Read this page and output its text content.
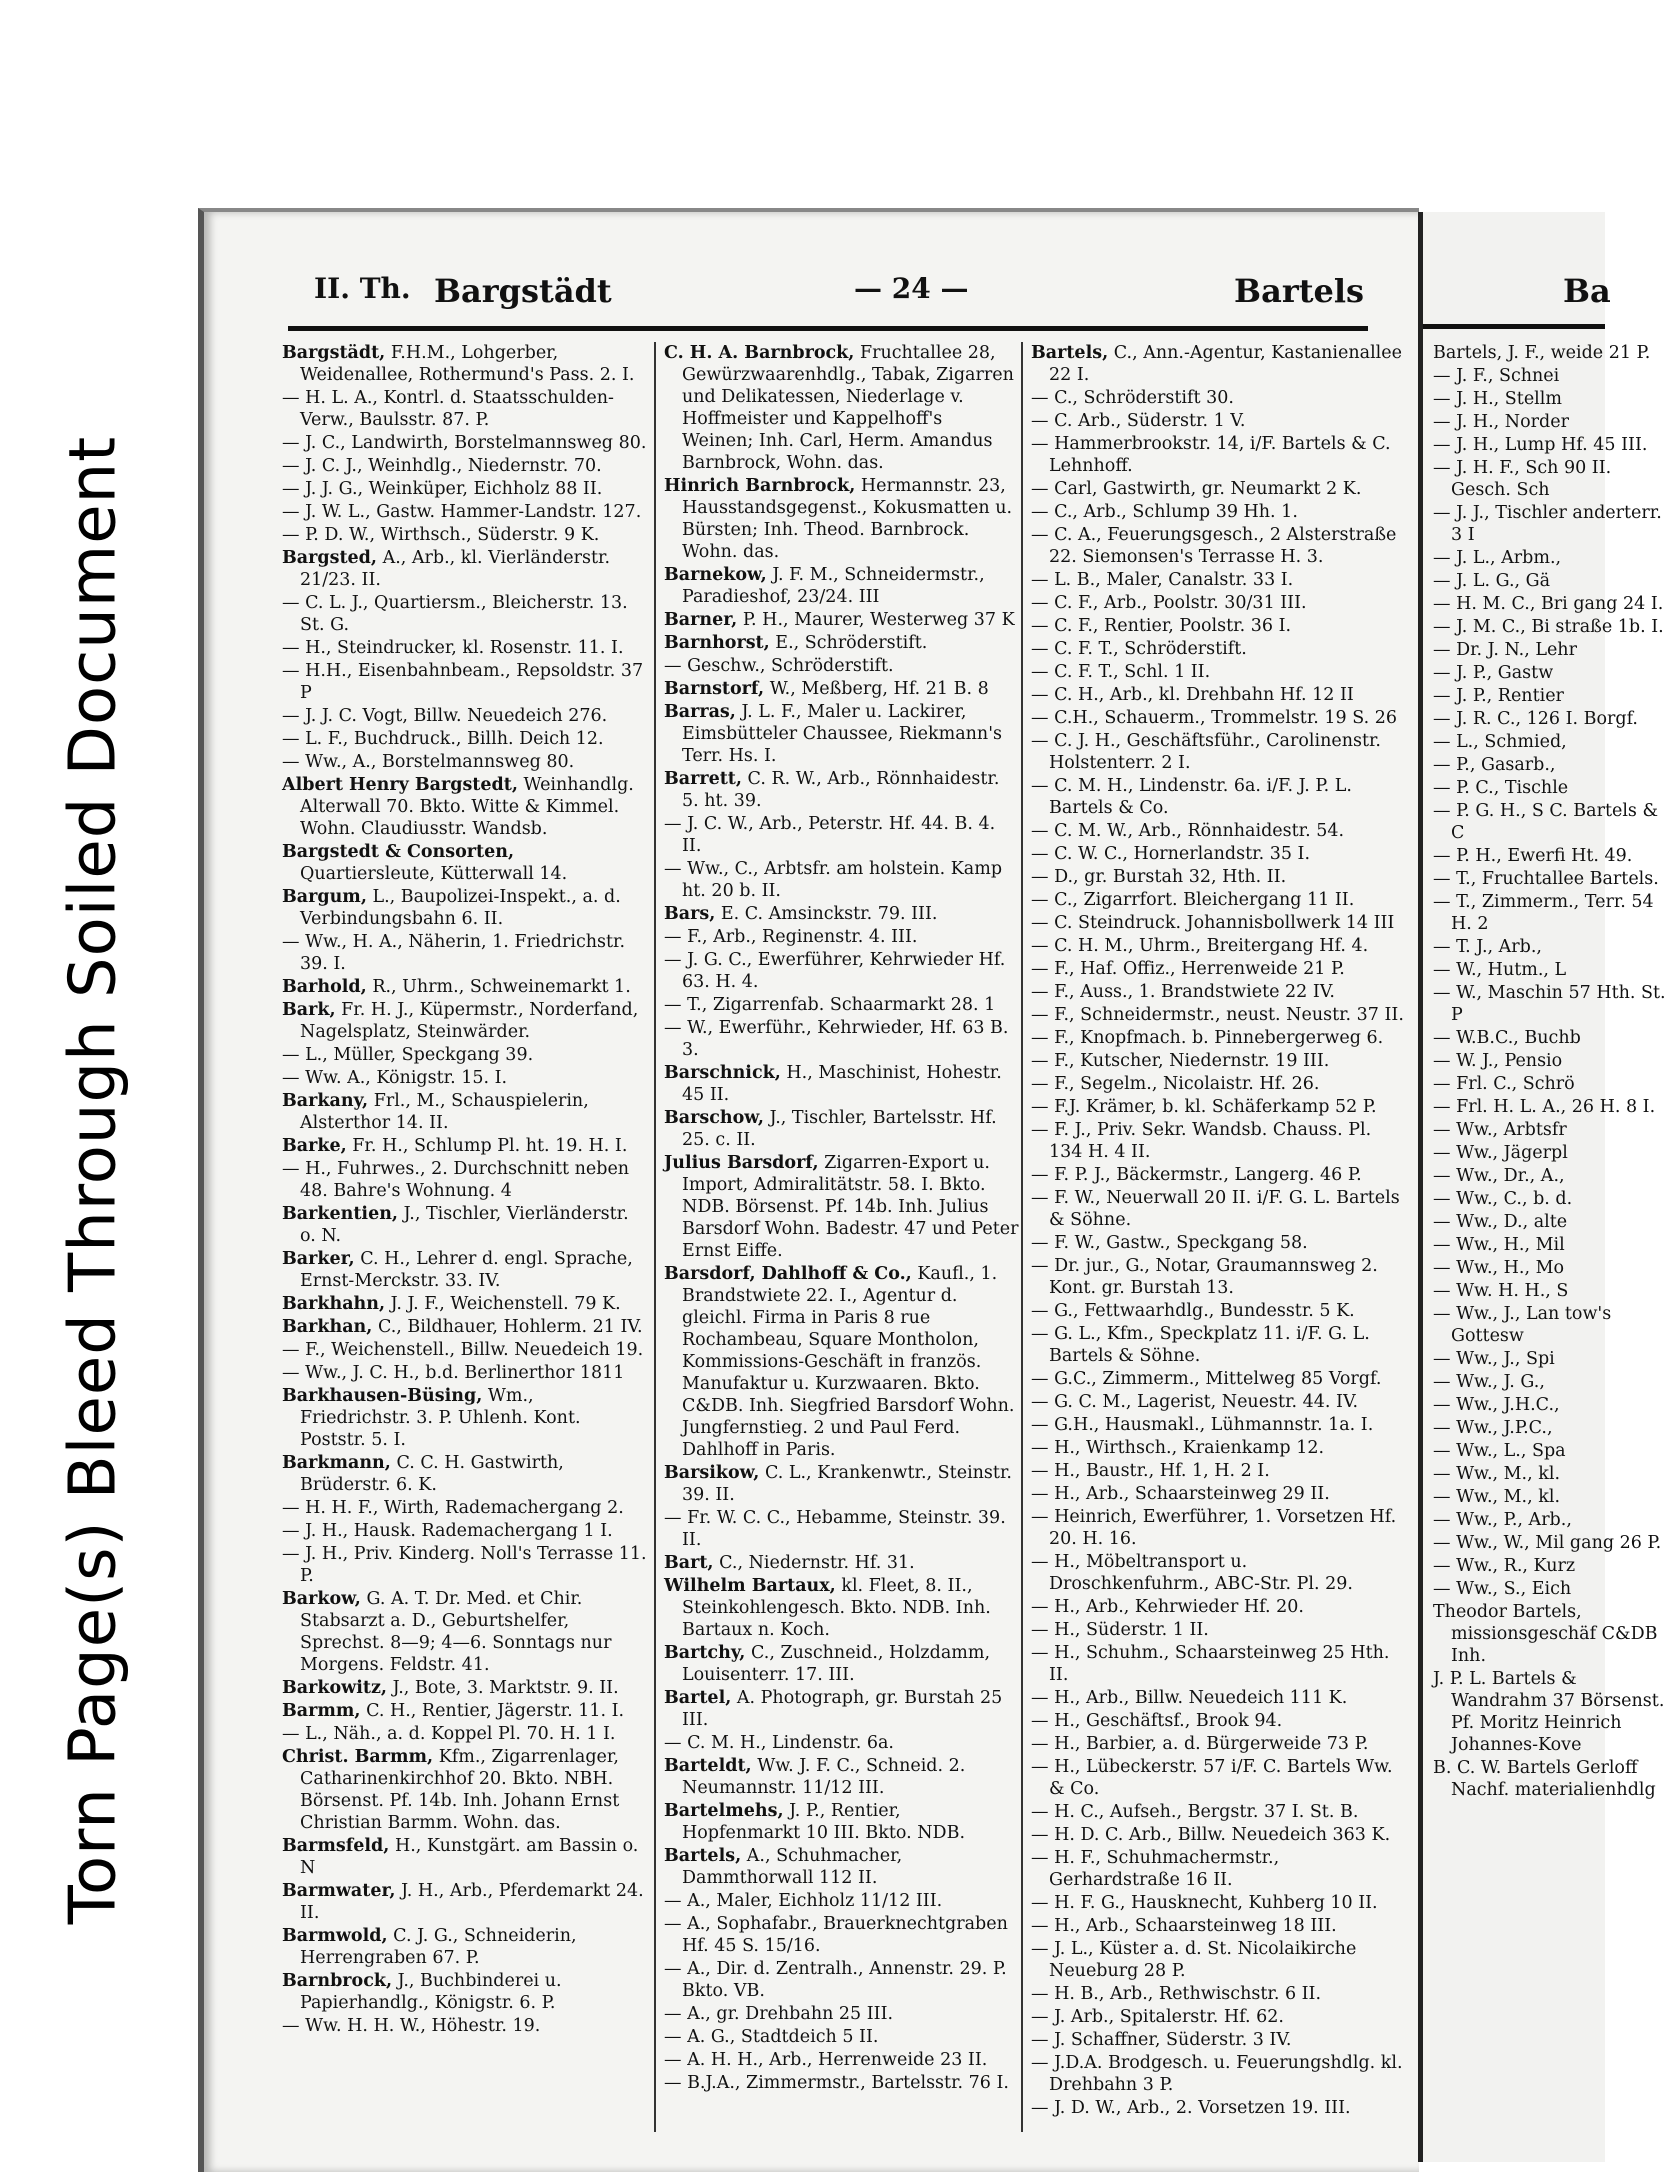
Torn Page(s) Bleed Through Soiled Document
II. Th. Bargstädt	— 24 —	Bartels
Bargstädt, F.H.M., Lohgerber, Weidenallee, Rothermund's Pass. 2. I.
— H. L. A., Kontrl. d. Staatsschulden-Verw., Baulsstr. 87. P.
— J. C., Landwirth, Borstelmannsweg 80.
— J. C. J., Weinhdlg., Niedernstr. 70.
— J. J. G., Weinküper, Eichholz 88 II.
— J. W. L., Gastw. Hammer-Landstr. 127.
— P. D. W., Wirthsch., Süderstr. 9 K.
Bargsted, A., Arb., kl. Vierländerstr. 21/23. II.
— C. L. J., Quartiersm., Bleicherstr. 13. St. G.
— H., Steindrucker, kl. Rosenstr. 11. I.
— H.H., Eisenbahnbeam., Repsoldstr. 37 P
— J. J. C. Vogt, Billw. Neuedeich 276.
— L. F., Buchdruck., Billh. Deich 12.
— Ww., A., Borstelmannsweg 80.
Albert Henry Bargstedt, Weinhandlg. Alterwall 70. Bkto. Witte & Kimmel. Wohn. Claudiusstr. Wandsb.
Bargstedt & Consorten, Quartiersleute, Kütterwall 14.
Bargum, L., Baupolizei-Inspekt., a. d. Verbindungsbahn 6. II.
— Ww., H. A., Näherin, 1. Friedrichstr. 39. I.
Barhold, R., Uhrm., Schweinemarkt 1.
Bark, Fr. H. J., Küpermstr., Norderfand, Nagelsplatz, Steinwärder.
— L., Müller, Speckgang 39.
— Ww. A., Königstr. 15. I.
Barkany, Frl., M., Schauspielerin, Alsterthor 14. II.
Barke, Fr. H., Schlump Pl. ht. 19. H. I.
— H., Fuhrwes., 2. Durchschnitt neben 48. Bahre's Wohnung. 4
Barkentien, J., Tischler, Vierländerstr. o. N.
Barker, C. H., Lehrer d. engl. Sprache, Ernst-Merckstr. 33. IV.
Barkhahn, J. J. F., Weichenstell. 79 K.
Barkhan, C., Bildhauer, Hohlerm. 21 IV.
— F., Weichenstell., Billw. Neuedeich 19.
— Ww., J. C. H., b.d. Berlinerthor 1811
Barkhausen-Büsing, Wm., Friedrichstr. 3. P. Uhlenh. Kont. Poststr. 5. I.
Barkmann, C. C. H. Gastwirth, Brüderstr. 6. K.
— H. H. F., Wirth, Rademachergang 2.
— J. H., Hausk. Rademachergang 1 I.
— J. H., Priv. Kinderg. Noll's Terrasse 11. P.
Barkow, G. A. T. Dr. Med. et Chir. Stabsarzt a. D., Geburtshelfer, Sprechst. 8—9; 4—6. Sonntags nur Morgens. Feldstr. 41.
Barkowitz, J., Bote, 3. Marktstr. 9. II.
Barmm, C. H., Rentier, Jägerstr. 11. I.
— L., Näh., a. d. Koppel Pl. 70. H. 1 I.
Christ. Barmm, Kfm., Zigarrenlager, Catharinenkirchhof 20. Bkto. NBH. Börsenst. Pf. 14b. Inh. Johann Ernst Christian Barmm. Wohn. das.
Barmsfeld, H., Kunstgärt. am Bassin o. N
Barmwater, J. H., Arb., Pferdemarkt 24. II.
Barmwold, C. J. G., Schneiderin, Herrengraben 67. P.
Barnbrock, J., Buchbinderei u. Papierhandlg., Königstr. 6. P.
— Ww. H. H. W., Höhestr. 19.
C. H. A. Barnbrock, Fruchtallee 28, Gewürzwaarenhdlg., Tabak, Zigarren und Delikatessen, Niederlage v. Hoffmeister und Kappelhoff's Weinen; Inh. Carl, Herm. Amandus Barnbrock, Wohn. das.
Hinrich Barnbrock, Hermannstr. 23, Hausstandsgegenst., Kokusmatten u. Bürsten; Inh. Theod. Barnbrock. Wohn. das.
Barnekow, J. F. M., Schneidermstr., Paradieshof, 23/24. III
Barner, P. H., Maurer, Westerweg 37 K
Barnhorst, E., Schröderstift.
— Geschw., Schröderstift.
Barnstorf, W., Meßberg, Hf. 21 B. 8
Barras, J. L. F., Maler u. Lackirer, Eimsbütteler Chaussee, Riekmann's Terr. Hs. I.
Barrett, C. R. W., Arb., Rönnhaidestr. 5. ht. 39.
— J. C. W., Arb., Peterstr. Hf. 44. B. 4. II.
— Ww., C., Arbtsfr. am holstein. Kamp ht. 20 b. II.
Bars, E. C. Amsinckstr. 79. III.
— F., Arb., Reginenstr. 4. III.
— J. G. C., Ewerführer, Kehrwieder Hf. 63. H. 4.
— T., Zigarrenfab. Schaarmarkt 28. 1
— W., Ewerführ., Kehrwieder, Hf. 63 B. 3.
Barschnick, H., Maschinist, Hohestr. 45 II.
Barschow, J., Tischler, Bartelsstr. Hf. 25. c. II.
Julius Barsdorf, Zigarren-Export u. Import, Admiralitätstr. 58. I. Bkto. NDB. Börsenst. Pf. 14b. Inh. Julius Barsdorf Wohn. Badestr. 47 und Peter Ernst Eiffe.
Barsdorf, Dahlhoff & Co., Kaufl., 1. Brandstwiete 22. I., Agentur d. gleichl. Firma in Paris 8 rue Rochambeau, Square Montholon, Kommissions-Geschäft in französ. Manufaktur u. Kurzwaaren. Bkto. C&DB. Inh. Siegfried Barsdorf Wohn. Jungfernstieg. 2 und Paul Ferd. Dahlhoff in Paris.
Barsikow, C. L., Krankenwtr., Steinstr. 39. II.
— Fr. W. C. C., Hebamme, Steinstr. 39. II.
Bart, C., Niedernstr. Hf. 31.
Wilhelm Bartaux, kl. Fleet, 8. II., Steinkohlengesch. Bkto. NDB. Inh. Bartaux n. Koch.
Bartchy, C., Zuschneid., Holzdamm, Louisenterr. 17. III.
Bartel, A. Photograph, gr. Burstah 25 III.
— C. M. H., Lindenstr. 6a.
Barteldt, Ww. J. F. C., Schneid. 2. Neumannstr. 11/12 III.
Bartelmehs, J. P., Rentier, Hopfenmarkt 10 III. Bkto. NDB.
Bartels, A., Schuhmacher, Dammthorwall 112 II.
— A., Maler, Eichholz 11/12 III.
— A., Sophafabr., Brauerknechtgraben Hf. 45 S. 15/16.
— A., Dir. d. Zentralh., Annenstr. 29. P. Bkto. VB.
— A., gr. Drehbahn 25 III.
— A. G., Stadtdeich 5 II.
— A. H. H., Arb., Herrenweide 23 II.
— B.J.A., Zimmermstr., Bartelsstr. 76 I.
Bartels, C., Ann.-Agentur, Kastanienallee 22 I.
— C., Schröderstift 30.
— C. Arb., Süderstr. 1 V.
— Hammerbrookstr. 14, i/F. Bartels & C. Lehnhoff.
— Carl, Gastwirth, gr. Neumarkt 2 K.
— C., Arb., Schlump 39 Hh. 1.
— C. A., Feuerungsgesch., 2 Alsterstraße 22. Siemonsen's Terrasse H. 3.
— L. B., Maler, Canalstr. 33 I.
— C. F., Arb., Poolstr. 30/31 III.
— C. F., Rentier, Poolstr. 36 I.
— C. F. T., Schröderstift.
— C. F. T., Schl. 1 II.
— C. H., Arb., kl. Drehbahn Hf. 12 II
— C.H., Schauerm., Trommelstr. 19 S. 26
— C. J. H., Geschäftsführ., Carolinenstr. Holstenterr. 2 I.
— C. M. H., Lindenstr. 6a. i/F. J. P. L. Bartels & Co.
— C. M. W., Arb., Rönnhaidestr. 54.
— C. W. C., Hornerlandstr. 35 I.
— D., gr. Burstah 32, Hth. II.
— C., Zigarrfort. Bleichergang 11 II.
— C. Steindruck. Johannisbollwerk 14 III
— C. H. M., Uhrm., Breitergang Hf. 4.
— F., Haf. Offiz., Herrenweide 21 P.
— F., Auss., 1. Brandstwiete 22 IV.
— F., Schneidermstr., neust. Neustr. 37 II.
— F., Knopfmach. b. Pinnebergerweg 6.
— F., Kutscher, Niedernstr. 19 III.
— F., Segelm., Nicolaistr. Hf. 26.
— F.J. Krämer, b. kl. Schäferkamp 52 P.
— F. J., Priv. Sekr. Wandsb. Chauss. Pl. 134 H. 4 II.
— F. P. J., Bäckermstr., Langerg. 46 P.
— F. W., Neuerwall 20 II. i/F. G. L. Bartels & Söhne.
— F. W., Gastw., Speckgang 58.
— Dr. jur., G., Notar, Graumannsweg 2. Kont. gr. Burstah 13.
— G., Fettwaarhdlg., Bundesstr. 5 K.
— G. L., Kfm., Speckplatz 11. i/F. G. L. Bartels & Söhne.
— G.C., Zimmerm., Mittelweg 85 Vorgf.
— G. C. M., Lagerist, Neuestr. 44. IV.
— G.H., Hausmakl., Lühmannstr. 1a. I.
— H., Wirthsch., Kraienkamp 12.
— H., Baustr., Hf. 1, H. 2 I.
— H., Arb., Schaarsteinweg 29 II.
— Heinrich, Ewerführer, 1. Vorsetzen Hf. 20. H. 16.
— H., Möbeltransport u. Droschkenfuhrm., ABC-Str. Pl. 29.
— H., Arb., Kehrwieder Hf. 20.
— H., Süderstr. 1 II.
— H., Schuhm., Schaarsteinweg 25 Hth. II.
— H., Arb., Billw. Neuedeich 111 K.
— H., Geschäftsf., Brook 94.
— H., Barbier, a. d. Bürgerweide 73 P.
— H., Lübeckerstr. 57 i/F. C. Bartels Ww. & Co.
— H. C., Aufseh., Bergstr. 37 I. St. B.
— H. D. C. Arb., Billw. Neuedeich 363 K.
— H. F., Schuhmachermstr., Gerhardstraße 16 II.
— H. F. G., Hausknecht, Kuhberg 10 II.
— H., Arb., Schaarsteinweg 18 III.
— J. L., Küster a. d. St. Nicolaikirche Neueburg 28 P.
— H. B., Arb., Rethwischstr. 6 II.
— J. Arb., Spitalerstr. Hf. 62.
— J. Schaffner, Süderstr. 3 IV.
— J.D.A. Brodgesch. u. Feuerungshdlg. kl. Drehbahn 3 P.
— J. D. W., Arb., 2. Vorsetzen 19. III.
Ba
Bartels, J. F., weide 21 P.
— J. F., Schnei
— J. H., Stellm
— J. H., Norder
— J. H., Lump Hf. 45 III.
— J. H. F., Sch 90 II. Gesch. Sch
— J. J., Tischler anderterr. 3 I
— J. L., Arbm.,
— J. L. G., Gä
— H. M. C., Bri gang 24 I.
— J. M. C., Bi straße 1b. I.
— Dr. J. N., Lehr
— J. P., Gastw
— J. P., Rentier
— J. R. C., 126 I. Borgf.
— L., Schmied,
— P., Gasarb.,
— P. C., Tischle
— P. G. H., S C. Bartels & C
— P. H., Ewerfi Ht. 49.
— T., Fruchtallee Bartels.
— T., Zimmerm., Terr. 54 H. 2
— T. J., Arb.,
— W., Hutm., L
— W., Maschin 57 Hth. St. P
— W.B.C., Buchb
— W. J., Pensio
— Frl. C., Schrö
— Frl. H. L. A., 26 H. 8 I.
— Ww., Arbtsfr
— Ww., Jägerpl
— Ww., Dr., A.,
— Ww., C., b. d.
— Ww., D., alte
— Ww., H., Mil
— Ww., H., Mo
— Ww. H. H., S
— Ww., J., Lan tow's Gottesw
— Ww., J., Spi
— Ww., J. G.,
— Ww., J.H.C.,
— Ww., J.P.C.,
— Ww., L., Spa
— Ww., M., kl.
— Ww., M., kl.
— Ww., P., Arb.,
— Ww., W., Mil gang 26 P.
— Ww., R., Kurz
— Ww., S., Eich
Theodor Bartels, missionsgeschäf C&DB Inh.
J. P. L. Bartels & Wandrahm 37 Börsenst. Pf. Moritz Heinrich Johannes-Kove
B. C. W. Bartels Gerloff Nachf. materialienhdlg
